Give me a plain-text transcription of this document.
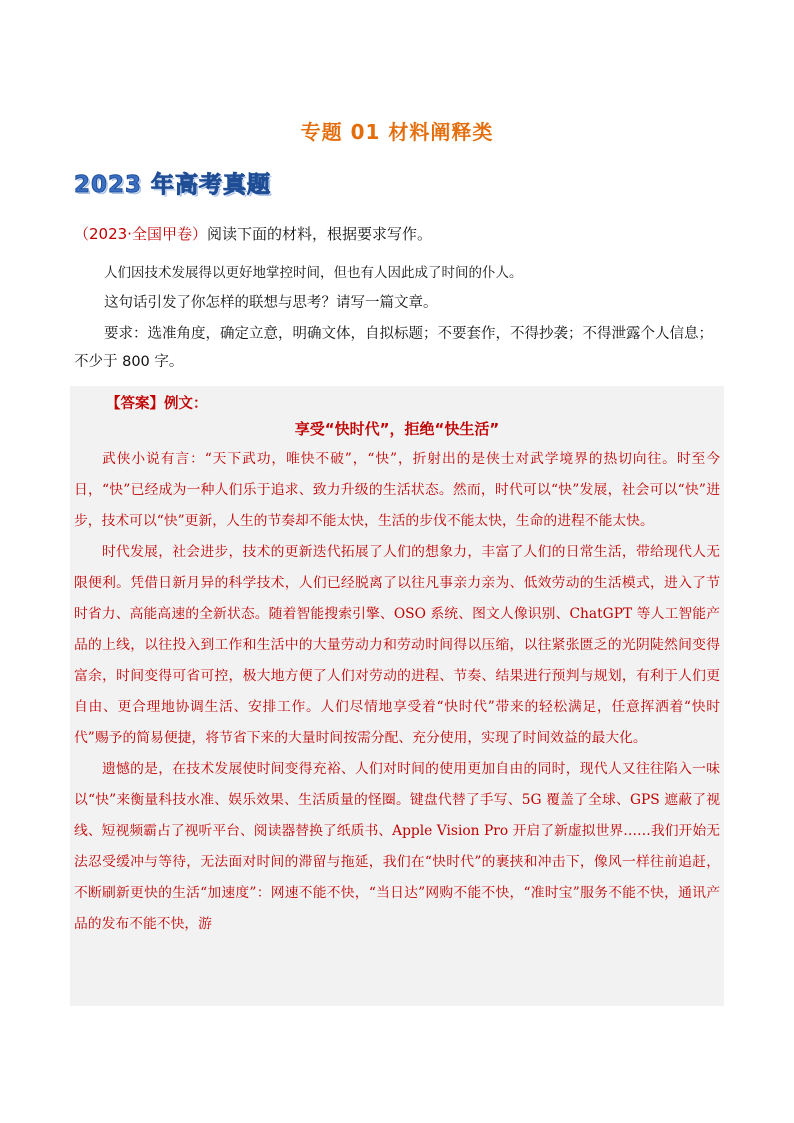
专题 01 材料阐释类
2023 年高考真题
（2023·全国甲卷）阅读下面的材料，根据要求写作。
人们因技术发展得以更好地掌控时间，但也有人因此成了时间的仆人。
这句话引发了你怎样的联想与思考？请写一篇文章。
要求：选准角度，确定立意，明确文体，自拟标题；不要套作，不得抄袭；不得泄露个人信息；不少于 800 字。
【答案】例文：
享受“快时代”，拒绝“快生活”

武侠小说有言：“天下武功，唯快不破”，“快”，折射出的是侠士对武学境界的热切向往。时至今日，“快”已经成为一种人们乐于追求、致力升级的生活状态。然而，时代可以“快”发展，社会可以“快”进步，技术可以“快”更新，人生的节奏却不能太快，生活的步伐不能太快，生命的进程不能太快。

时代发展，社会进步，技术的更新迭代拓展了人们的想象力，丰富了人们的日常生活，带给现代人无限便利。凭借日新月异的科学技术，人们已经脱离了以往凡事亲力亲为、低效劳动的生活模式，进入了节时省力、高能高速的全新状态。随着智能搜索引擎、OSO 系统、图文人像识别、ChatGPT 等人工智能产品的上线，以往投入到工作和生活中的大量劳动力和劳动时间得以压缩，以往紧张匮乏的光阴陡然间变得富余，时间变得可省可控，极大地方便了人们对劳动的进程、节奏、结果进行预判与规划，有利于人们更自由、更合理地协调生活、安排工作。人们尽情地享受着“快时代”带来的轻松满足，任意挥洒着“快时代”赐予的简易便捷，将节省下来的大量时间按需分配、充分使用，实现了时间效益的最大化。

遗憾的是，在技术发展使时间变得充裕、人们对时间的使用更加自由的同时，现代人又往往陷入一味以“快”来衡量科技水准、娱乐效果、生活质量的怪圈。键盘代替了手写、5G 覆盖了全球、GPS 遮蔽了视线、短视频霸占了视听平台、阅读器替换了纸质书、Apple Vision Pro 开启了新虚拟世界……我们开始无法忍受缓冲与等待，无法面对时间的滞留与拖延，我们在“快时代”的裹挟和冲击下，像风一样往前追赶，不断刷新更快的生活“加速度”：网速不能不快，“当日达”网购不能不快，“准时宝”服务不能不快，通讯产品的发布不能不快，游
